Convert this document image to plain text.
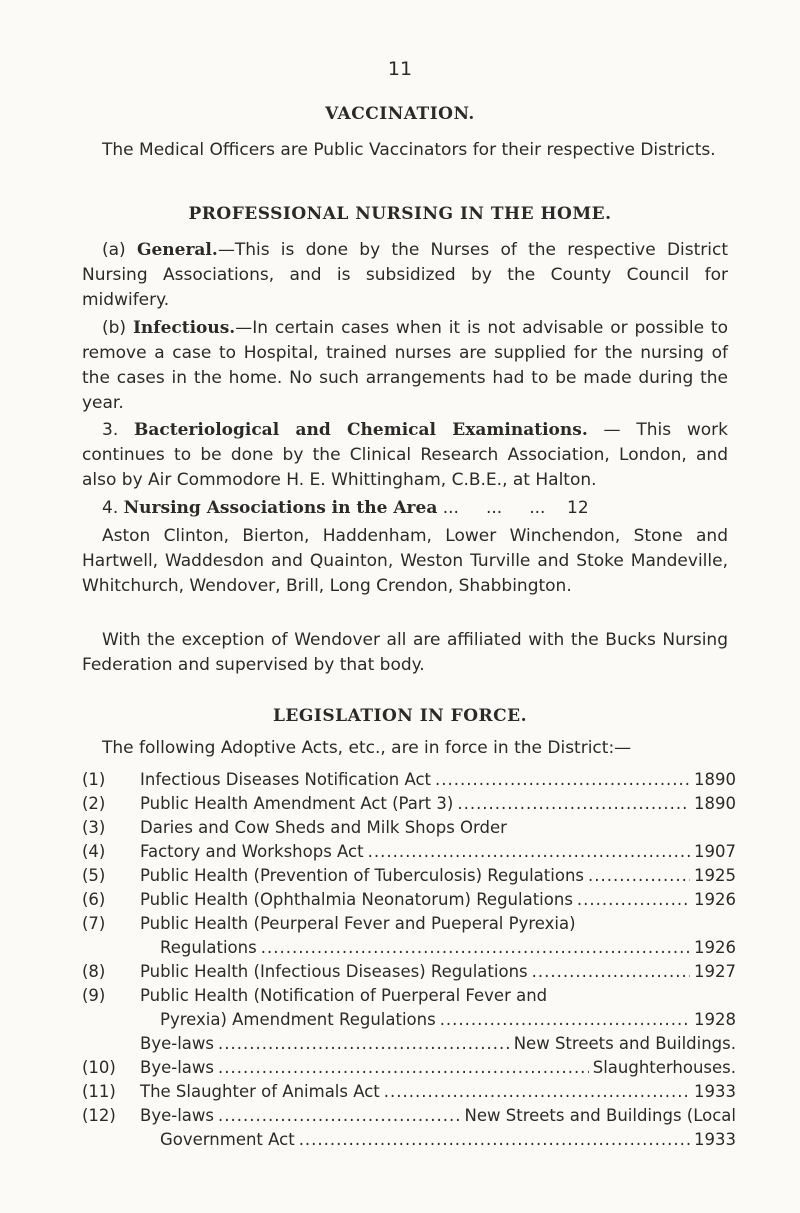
11
VACCINATION.

The Medical Officers are Public Vaccinators for their respective Districts.

PROFESSIONAL NURSING IN THE HOME.

(a) General.—This is done by the Nurses of the respective District Nursing Associations, and is subsidized by the County Council for midwifery.

(b) Infectious.—In certain cases when it is not advisable or possible to remove a case to Hospital, trained nurses are supplied for the nursing of the cases in the home. No such arrangements had to be made during the year.

3. Bacteriological and Chemical Examinations. — This work continues to be done by the Clinical Research Association, London, and also by Air Commodore H. E. Whittingham, C.B.E., at Halton.

4. Nursing Associations in the Area ...     ...     ...    12

Aston Clinton, Bierton, Haddenham, Lower Winchendon, Stone and Hartwell, Waddesdon and Quainton, Weston Turville and Stoke Mandeville, Whitchurch, Wendover, Brill, Long Crendon, Shabbington.

With the exception of Wendover all are affiliated with the Bucks Nursing Federation and supervised by that body.

LEGISLATION IN FORCE.

The following Adoptive Acts, etc., are in force in the District:—

(1)	Infectious Diseases Notification Act .....	1890
(2)	Public Health Amendment Act (Part 3) .....	1890
(3)	Daries and Cow Sheds and Milk Shops Order
(4)	Factory and Workshops Act .....	1907
(5)	Public Health (Prevention of Tuberculosis) Regulations .....	1925
(6)	Public Health (Ophthalmia Neonatorum) Regulations .....	1926
(7)	Public Health (Peurperal Fever and Pueperal Pyrexia)
Regulations .....	1926
(8)	Public Health (Infectious Diseases) Regulations .....	1927
(9)	Public Health (Notification of Puerperal Fever and
Pyrexia) Amendment Regulations .....	1928
Bye-laws .....	New Streets and Buildings.
(10)	Bye-laws .....	Slaughterhouses.
(11)	The Slaughter of Animals Act .....	1933
(12)	Bye-laws .....	New Streets and Buildings (Local
Government Act .....	1933
